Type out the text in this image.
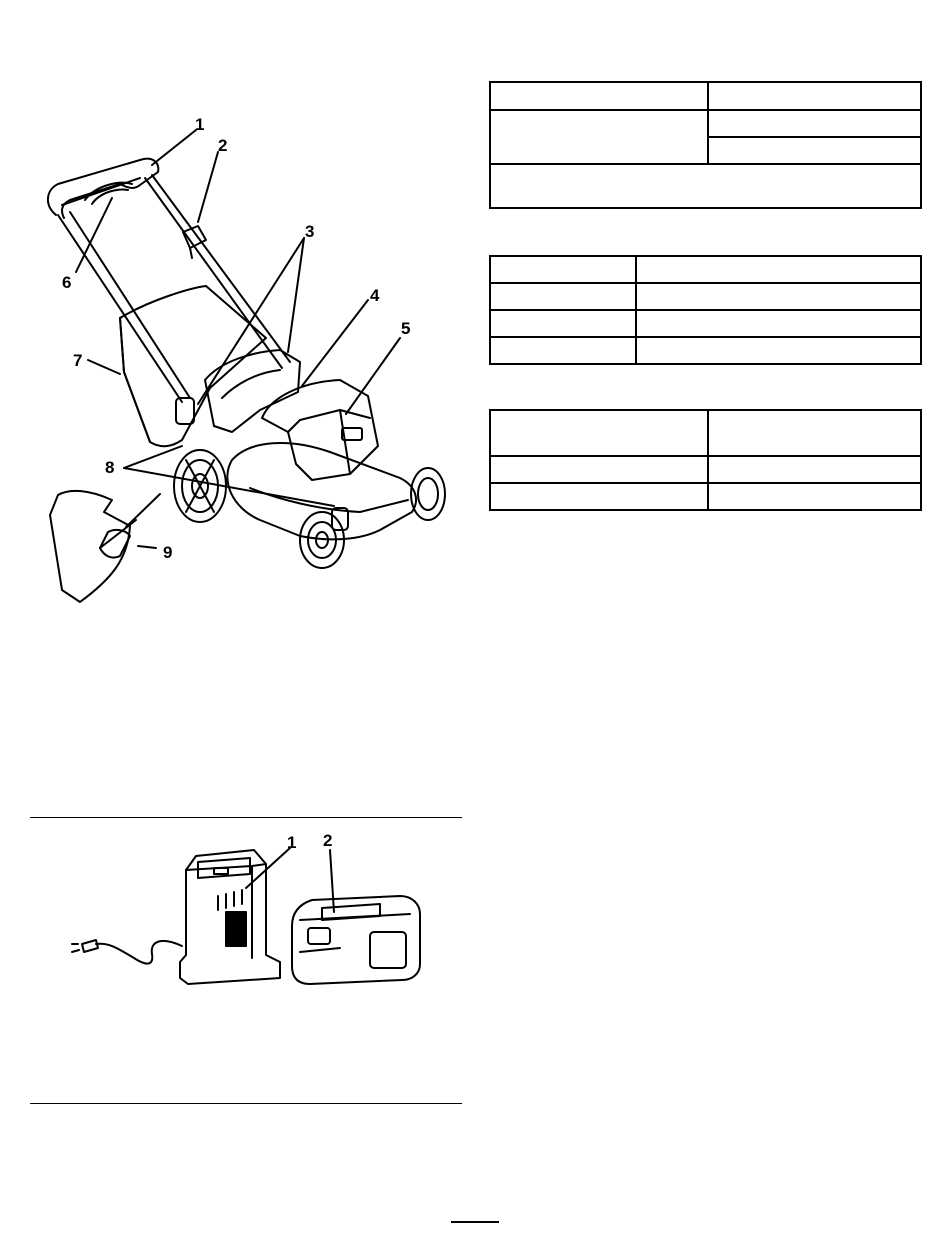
1
2
3
4
5
6
7
8
9

1 2
